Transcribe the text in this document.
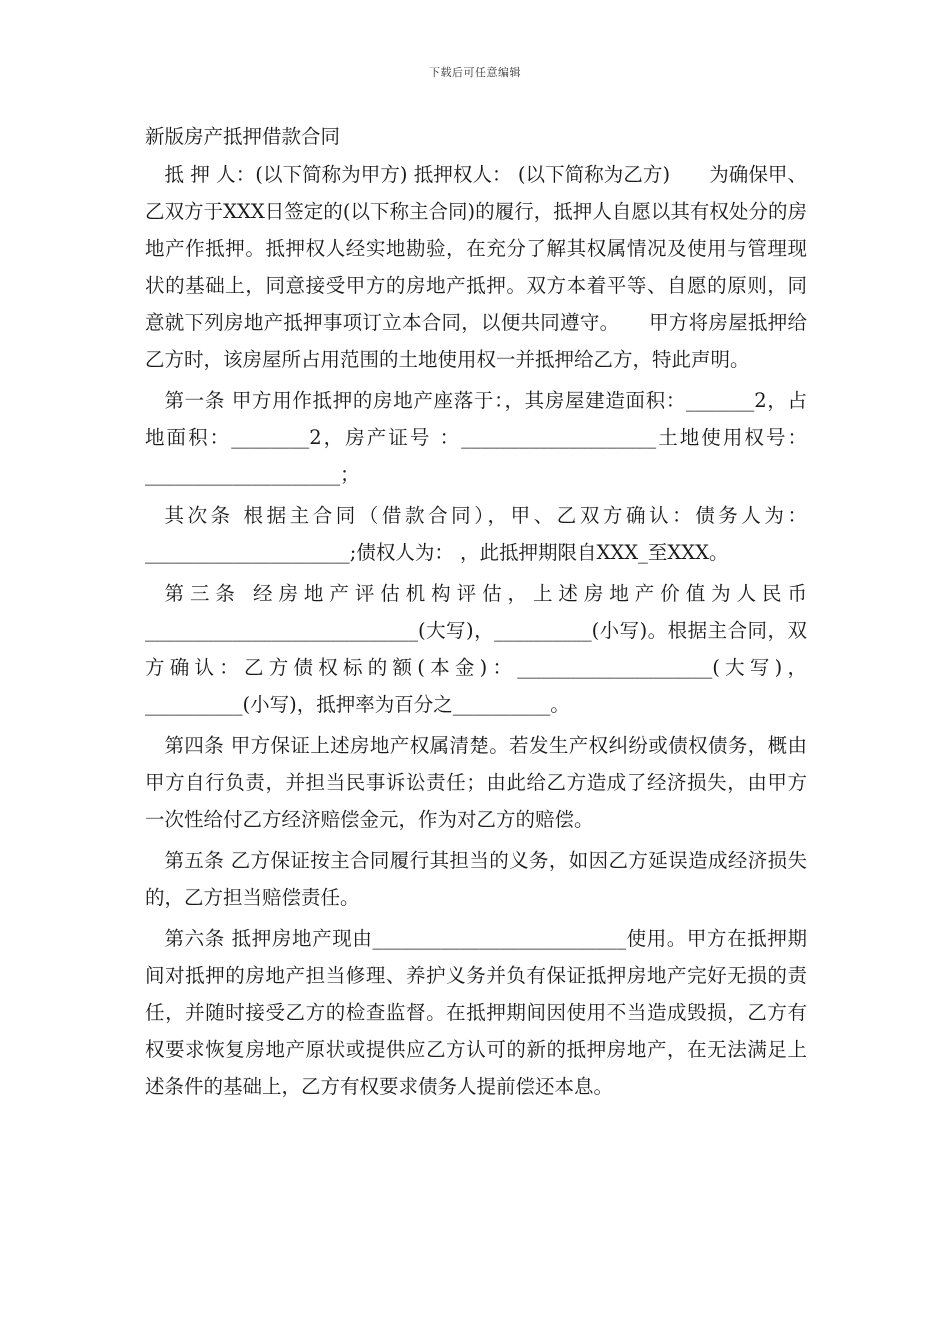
下载后可任意编辑

新版房产抵押借款合同

抵 押 人：(以下简称为甲方) 抵押权人： (以下简称为乙方)　　为确保甲、乙双方于XXX日签定的(以下称主合同)的履行，抵押人自愿以其有权处分的房地产作抵押。抵押权人经实地勘验，在充分了解其权属情况及使用与管理现状的基础上，同意接受甲方的房地产抵押。双方本着平等、自愿的原则，同意就下列房地产抵押事项订立本合同，以便共同遵守。　　甲方将房屋抵押给乙方时，该房屋所占用范围的土地使用权一并抵押给乙方，特此声明。

第一条 甲方用作抵押的房地产座落于：，其房屋建造面积：_______2，占地面积：________2，房产证号 ：____________________土地使用权号：____________________；

其次条 根据主合同（借款合同），甲、乙双方确认：债务人为：_____________________;债权人为： ，此抵押期限自XXX_至XXX。

第三条 经房地产评估机构评估，上述房地产价值为人民币____________________________(大写)，__________(小写)。根据主合同，双方确认：乙方债权标的额(本金)：____________________(大写)，__________(小写)，抵押率为百分之__________。

第四条 甲方保证上述房地产权属清楚。若发生产权纠纷或债权债务，概由甲方自行负责，并担当民事诉讼责任；由此给乙方造成了经济损失，由甲方一次性给付乙方经济赔偿金元，作为对乙方的赔偿。

第五条 乙方保证按主合同履行其担当的义务，如因乙方延误造成经济损失的，乙方担当赔偿责任。

第六条 抵押房地产现由__________________________使用。甲方在抵押期间对抵押的房地产担当修理、养护义务并负有保证抵押房地产完好无损的责任，并随时接受乙方的检查监督。在抵押期间因使用不当造成毁损，乙方有权要求恢复房地产原状或提供应乙方认可的新的抵押房地产，在无法满足上述条件的基础上，乙方有权要求债务人提前偿还本息。
